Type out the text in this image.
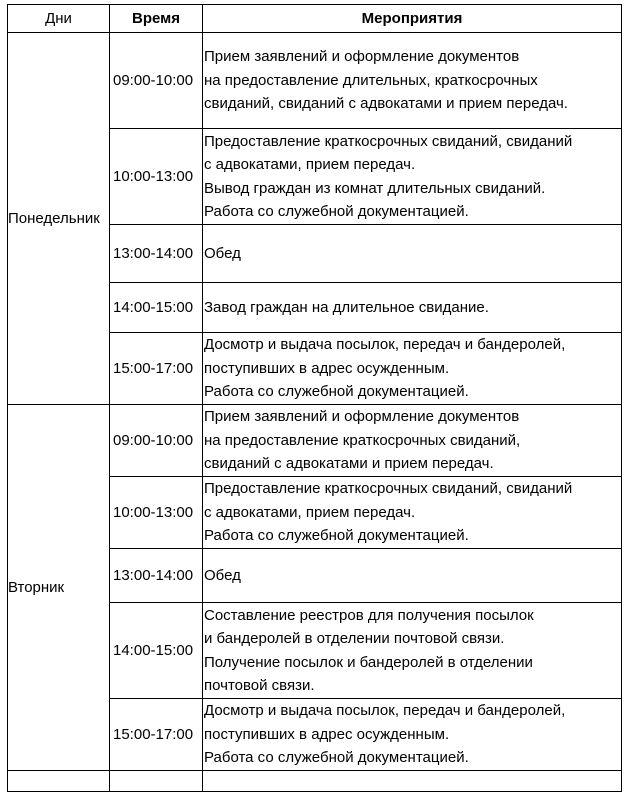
Дни	Время	Мероприятия
Понедельник	09:00-10:00	Прием заявлений и оформление документов
на предоставление длительных, краткосрочных
свиданий, свиданий с адвокатами и прием передач.

	10:00-13:00	Предоставление краткосрочных свиданий, свиданий
с адвокатами, прием передач.
Вывод граждан из комнат длительных свиданий.
Работа со служебной документацией.

	13:00-14:00	Обед

	14:00-15:00	Завод граждан на длительное свидание.

	15:00-17:00	Досмотр и выдача посылок, передач и бандеролей,
поступивших в адрес осужденным.
Работа со служебной документацией.

Вторник	09:00-10:00	Прием заявлений и оформление документов
на предоставление краткосрочных свиданий,
свиданий с адвокатами и прием передач.

	10:00-13:00	Предоставление краткосрочных свиданий, свиданий
с адвокатами, прием передач.
Работа со служебной документацией.

	13:00-14:00	Обед

	14:00-15:00	Составление реестров для получения посылок
и бандеролей в отделении почтовой связи.
Получение посылок и бандеролей в отделении
почтовой связи.

	15:00-17:00	Досмотр и выдача посылок, передач и бандеролей,
поступивших в адрес осужденным.
Работа со служебной документацией.
